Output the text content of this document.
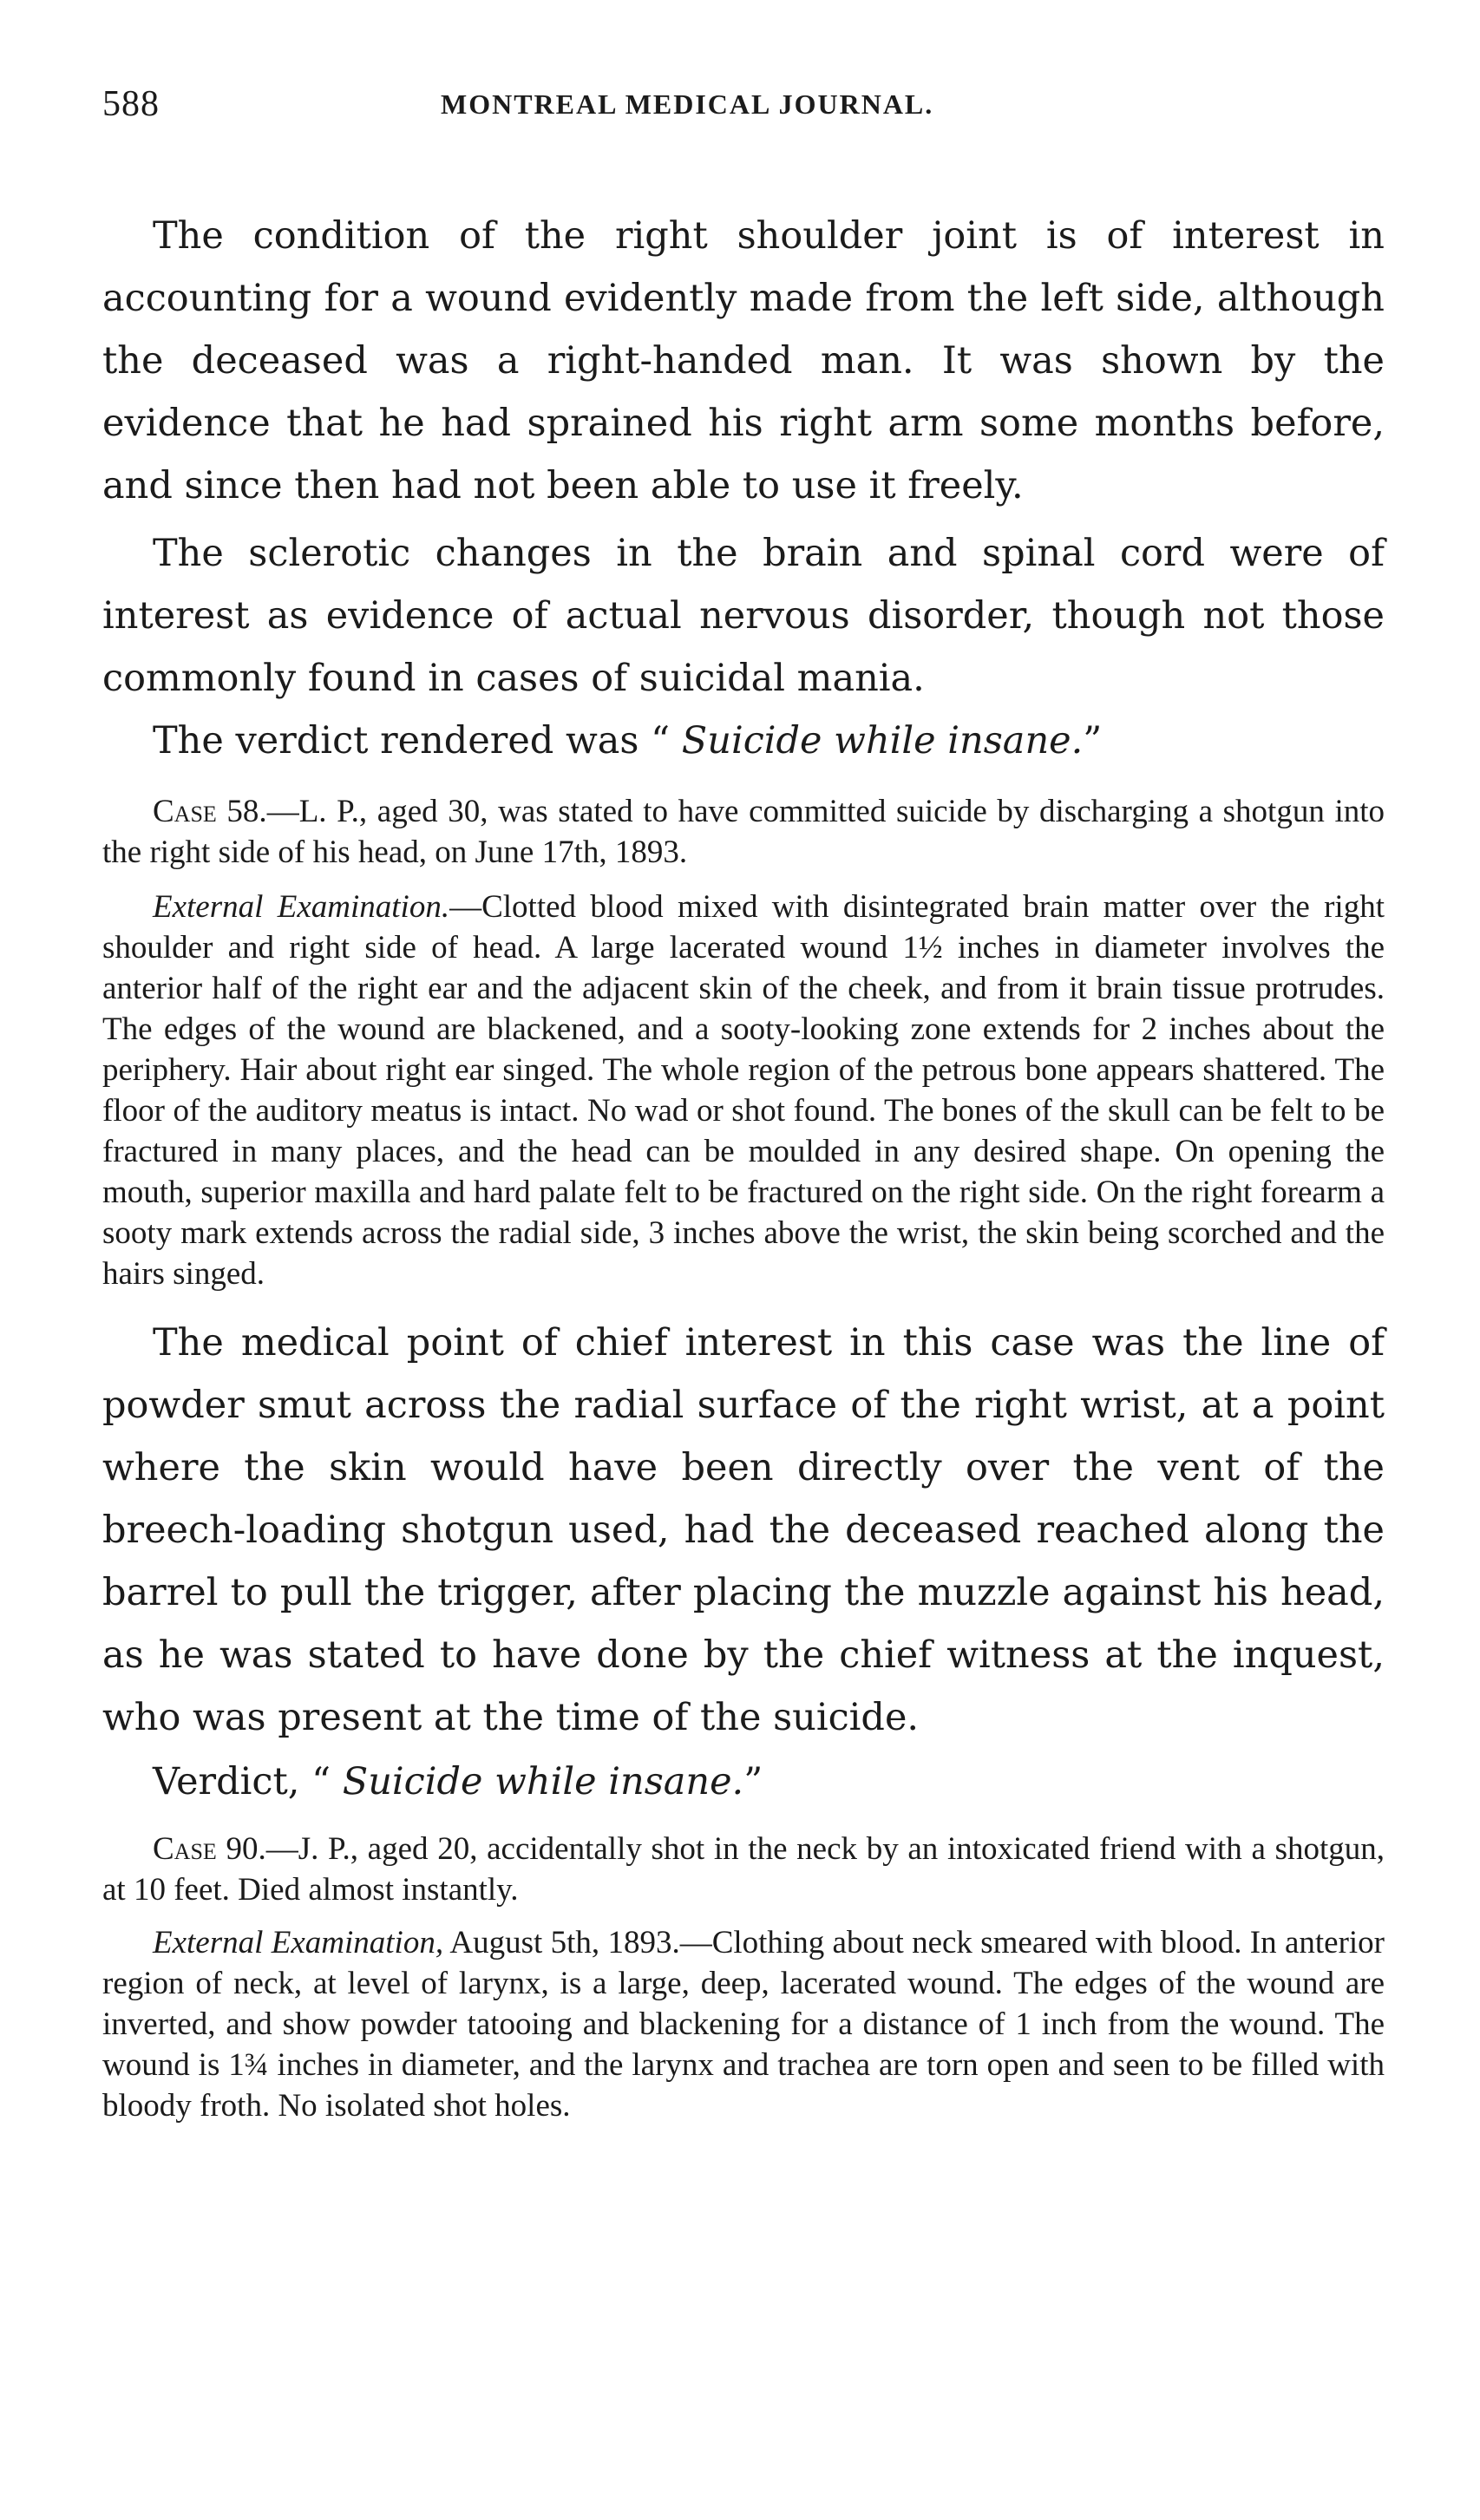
588	MONTREAL MEDICAL JOURNAL.

The condition of the right shoulder joint is of interest in accounting for a wound evidently made from the left side, although the deceased was a right-handed man. It was shown by the evidence that he had sprained his right arm some months before, and since then had not been able to use it freely.

The sclerotic changes in the brain and spinal cord were of interest as evidence of actual nervous disorder, though not those commonly found in cases of suicidal mania.

The verdict rendered was “ Suicide while insane.”

Case 58.—L. P., aged 30, was stated to have committed suicide by discharging a shotgun into the right side of his head, on June 17th, 1893.

External Examination.—Clotted blood mixed with disintegrated brain matter over the right shoulder and right side of head. A large lacerated wound 1½ inches in diameter involves the anterior half of the right ear and the adjacent skin of the cheek, and from it brain tissue protrudes. The edges of the wound are blackened, and a sooty-looking zone extends for 2 inches about the periphery. Hair about right ear singed. The whole region of the petrous bone appears shattered. The floor of the auditory meatus is intact. No wad or shot found. The bones of the skull can be felt to be fractured in many places, and the head can be moulded in any desired shape. On opening the mouth, superior maxilla and hard palate felt to be fractured on the right side. On the right forearm a sooty mark extends across the radial side, 3 inches above the wrist, the skin being scorched and the hairs singed.

The medical point of chief interest in this case was the line of powder smut across the radial surface of the right wrist, at a point where the skin would have been directly over the vent of the breech-loading shotgun used, had the deceased reached along the barrel to pull the trigger, after placing the muzzle against his head, as he was stated to have done by the chief witness at the inquest, who was present at the time of the suicide.

Verdict, “ Suicide while insane.”

Case 90.—J. P., aged 20, accidentally shot in the neck by an intoxicated friend with a shotgun, at 10 feet. Died almost instantly.

External Examination, August 5th, 1893.—Clothing about neck smeared with blood. In anterior region of neck, at level of larynx, is a large, deep, lacerated wound. The edges of the wound are inverted, and show powder tatooing and blackening for a distance of 1 inch from the wound. The wound is 1¾ inches in diameter, and the larynx and trachea are torn open and seen to be filled with bloody froth. No isolated shot holes.
